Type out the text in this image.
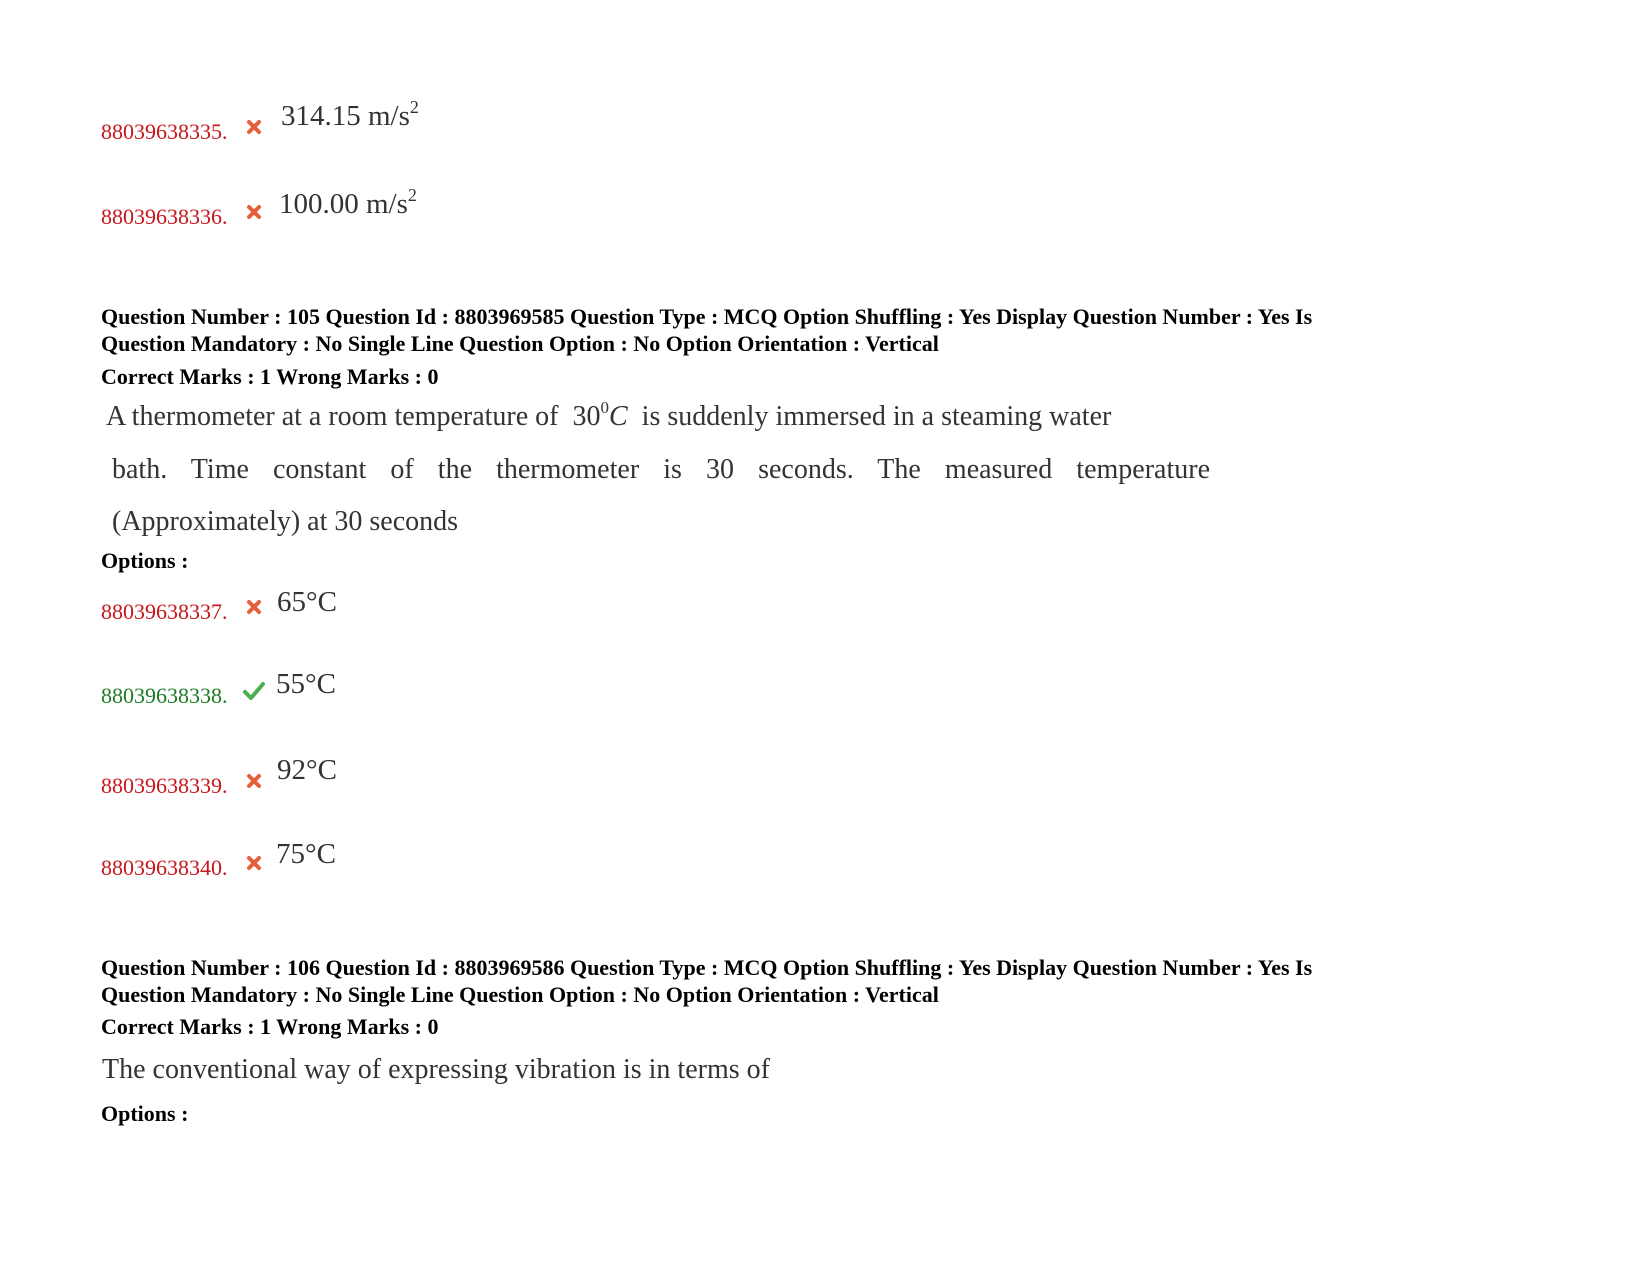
88039638335. 314.15 $m/s^2$
88039638336. 100.00 $m/s^2$
Question Number : 105 Question Id : 8803969585 Question Type : MCQ Option Shuffling : Yes Display Question Number : Yes Is
Question Mandatory : No Single Line Question Option : No Option Orientation : Vertical
Correct Marks : 1 Wrong Marks : 0
A thermometer at a room temperature of $30^0C$ is suddenly immersed in a steaming water
bath. Time constant of the thermometer is 30 seconds. The measured temperature
(Approximately) at 30 seconds
Options :
88039638337. 65°C
88039638338. 55°C
88039638339. 92°C
88039638340. 75°C
Question Number : 106 Question Id : 8803969586 Question Type : MCQ Option Shuffling : Yes Display Question Number : Yes Is
Question Mandatory : No Single Line Question Option : No Option Orientation : Vertical
Correct Marks : 1 Wrong Marks : 0
The conventional way of expressing vibration is in terms of
Options :
